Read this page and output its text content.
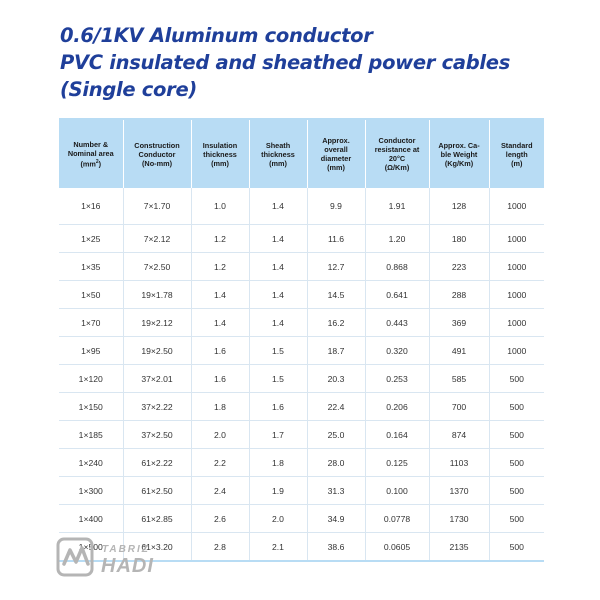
0.6/1KV Aluminum conductor
PVC insulated and sheathed power cables
(Single core)
Number &
Nominal area
$(mm^2)$	Construction
Conductor
(No-mm)	Insulation
thickness
(mm)	Sheath
thickness
(mm)	Approx.
overall
diameter
(mm)	Conductor
resistance at
20°C
(Ω/Km)	Approx. Ca-
ble Weight
(Kg/Km)	Standard
length
(m)
1×16	7×1.70	1.0	1.4	9.9	1.91	128	1000
1×25	7×2.12	1.2	1.4	11.6	1.20	180	1000
1×35	7×2.50	1.2	1.4	12.7	0.868	223	1000
1×50	19×1.78	1.4	1.4	14.5	0.641	288	1000
1×70	19×2.12	1.4	1.4	16.2	0.443	369	1000
1×95	19×2.50	1.6	1.5	18.7	0.320	491	1000
1×120	37×2.01	1.6	1.5	20.3	0.253	585	500
1×150	37×2.22	1.8	1.6	22.4	0.206	700	500
1×185	37×2.50	2.0	1.7	25.0	0.164	874	500
1×240	61×2.22	2.2	1.8	28.0	0.125	1103	500
1×300	61×2.50	2.4	1.9	31.3	0.100	1370	500
1×400	61×2.85	2.6	2.0	34.9	0.0778	1730	500
1×500	61×3.20	2.8	2.1	38.6	0.0605	2135	500
TABRIZ
HADI
